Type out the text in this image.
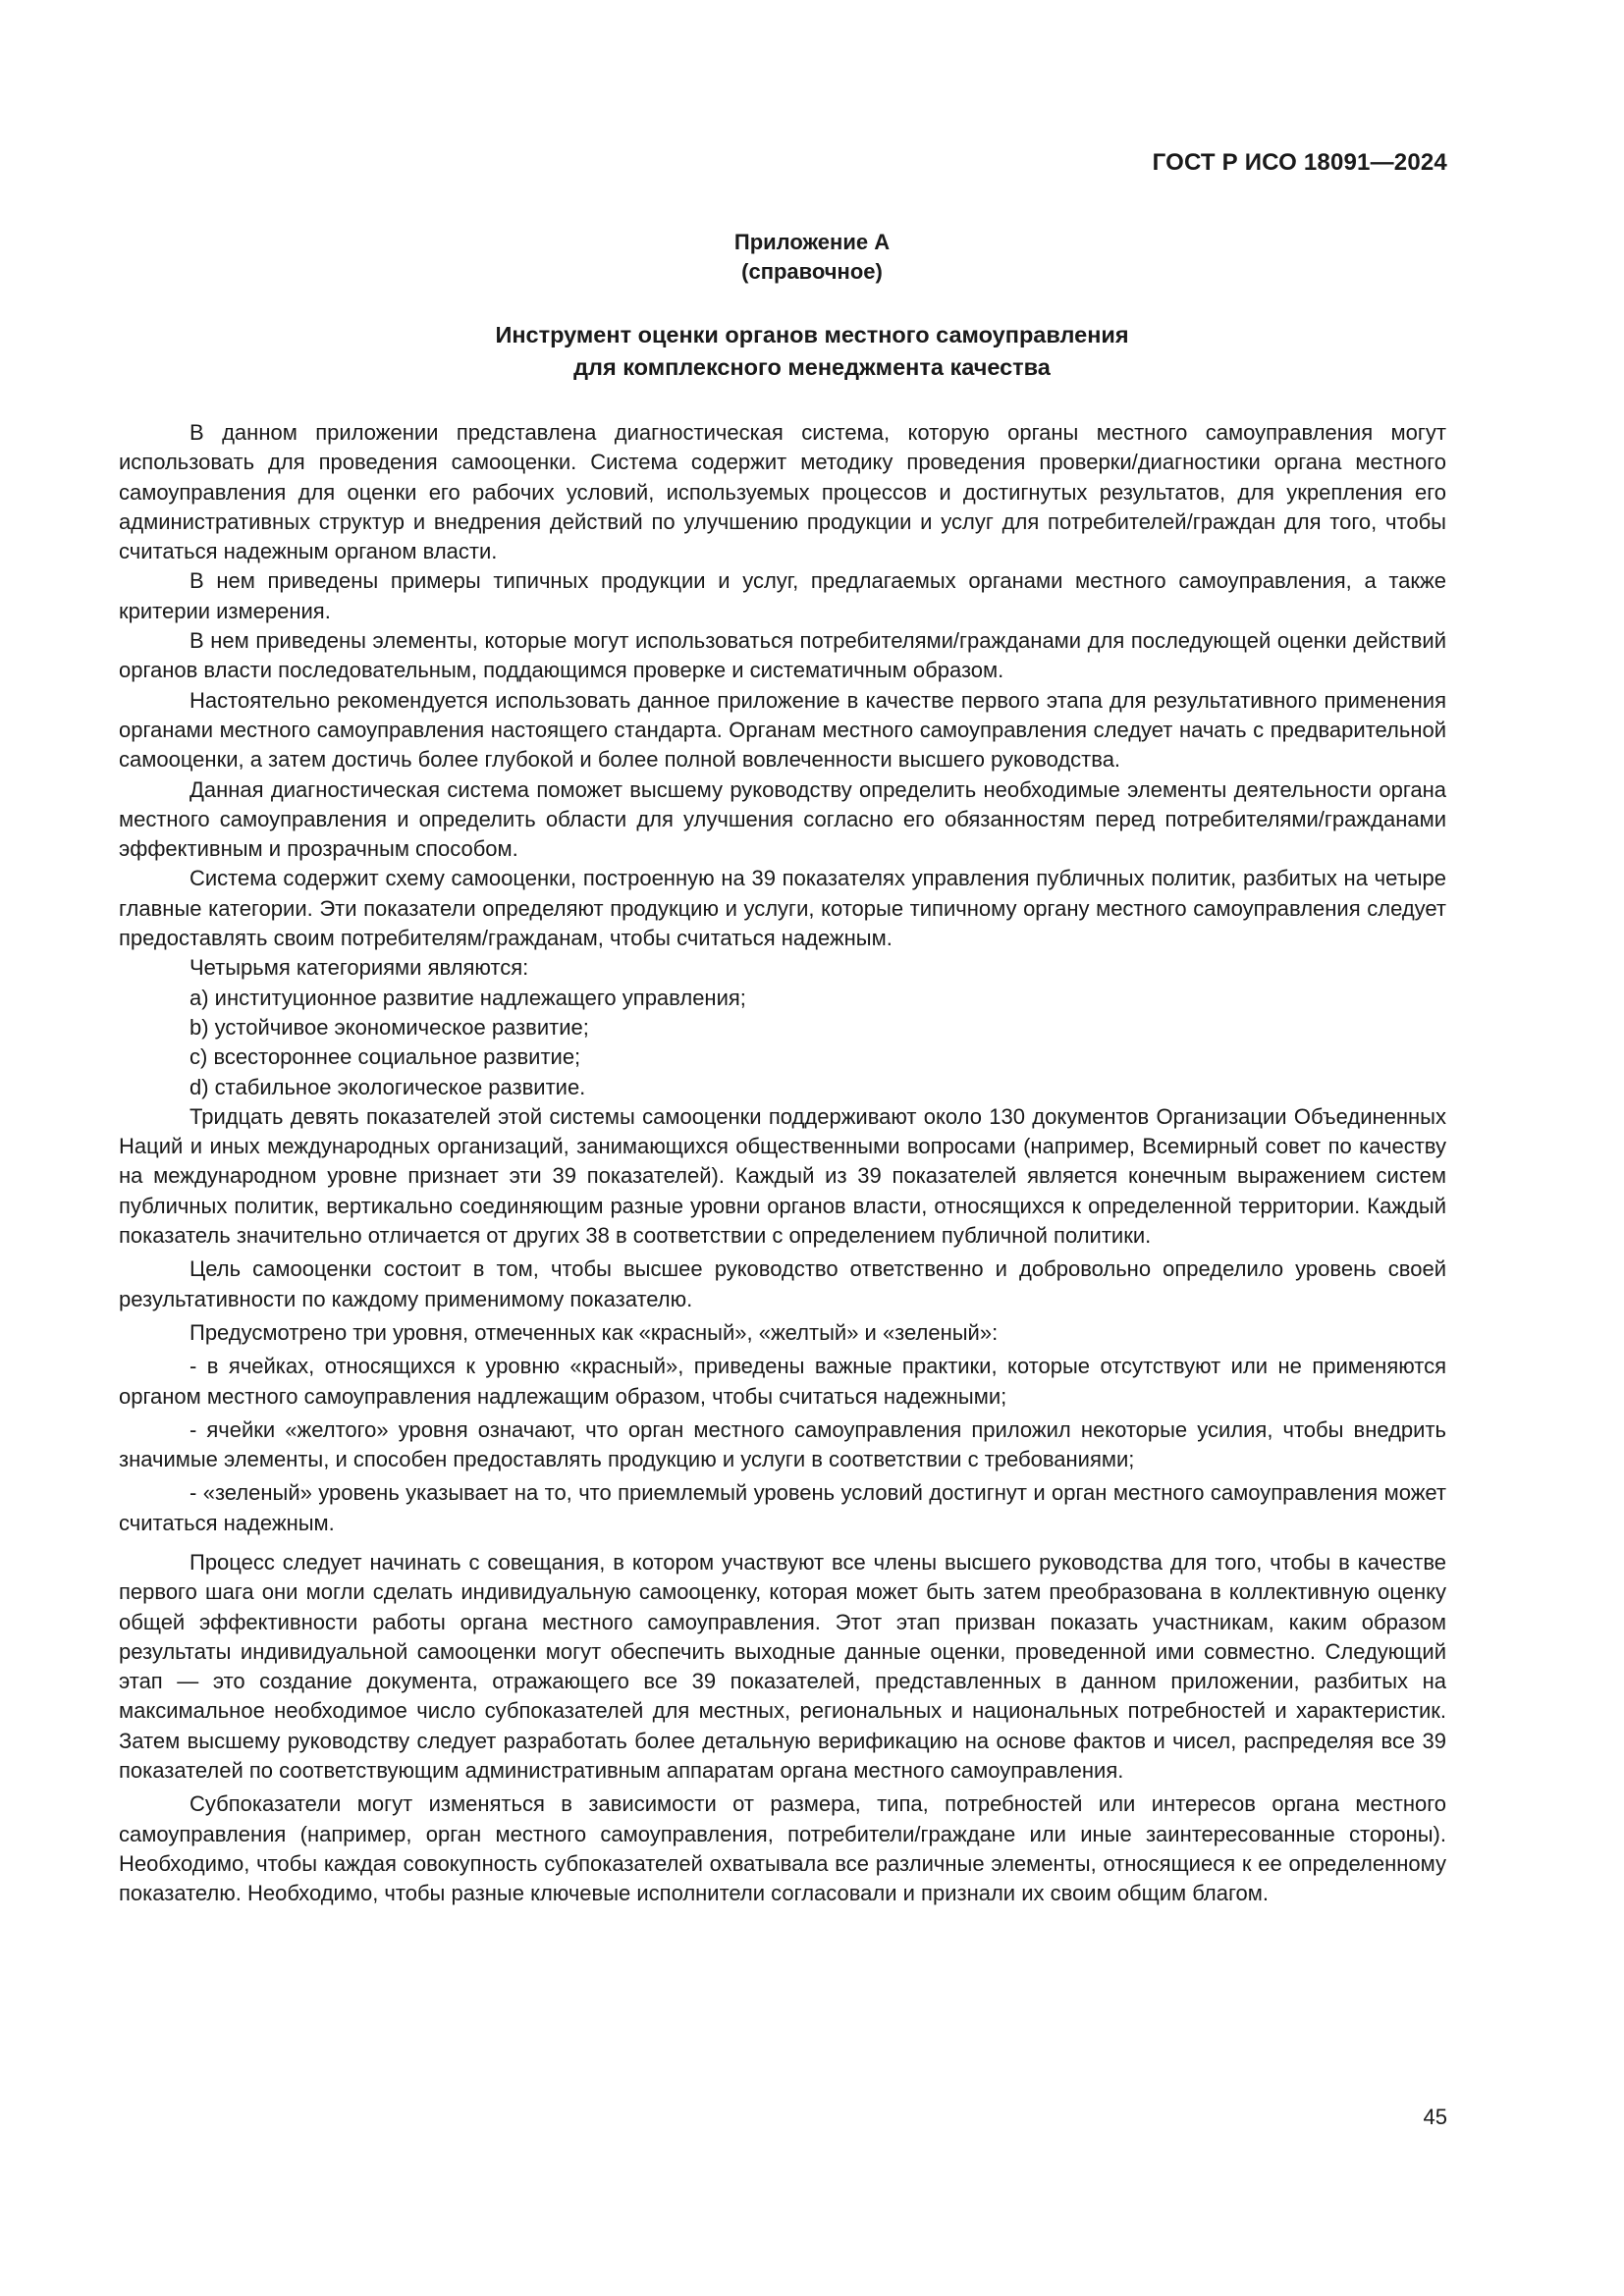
ГОСТ Р ИСО 18091—2024
Приложение А
(справочное)
Инструмент оценки органов местного самоуправления
для комплексного менеджмента качества

В данном приложении представлена диагностическая система, которую органы местного самоуправления могут использовать для проведения самооценки. Система содержит методику проведения проверки/диагностики органа местного самоуправления для оценки его рабочих условий, используемых процессов и достигнутых результатов, для укрепления его административных структур и внедрения действий по улучшению продукции и услуг для потребителей/граждан для того, чтобы считаться надежным органом власти.

В нем приведены примеры типичных продукции и услуг, предлагаемых органами местного самоуправления, а также критерии измерения.

В нем приведены элементы, которые могут использоваться потребителями/гражданами для последующей оценки действий органов власти последовательным, поддающимся проверке и систематичным образом.

Настоятельно рекомендуется использовать данное приложение в качестве первого этапа для результативного применения органами местного самоуправления настоящего стандарта. Органам местного самоуправления следует начать с предварительной самооценки, а затем достичь более глубокой и более полной вовлеченности высшего руководства.

Данная диагностическая система поможет высшему руководству определить необходимые элементы деятельности органа местного самоуправления и определить области для улучшения согласно его обязанностям перед потребителями/гражданами эффективным и прозрачным способом.

Система содержит схему самооценки, построенную на 39 показателях управления публичных политик, разбитых на четыре главные категории. Эти показатели определяют продукцию и услуги, которые типичному органу местного самоуправления следует предоставлять своим потребителям/гражданам, чтобы считаться надежным.

Четырьмя категориями являются:

a) институционное развитие надлежащего управления;
b) устойчивое экономическое развитие;
c) всестороннее социальное развитие;
d) стабильное экологическое развитие.

Тридцать девять показателей этой системы самооценки поддерживают около 130 документов Организации Объединенных Наций и иных международных организаций, занимающихся общественными вопросами (например, Всемирный совет по качеству на международном уровне признает эти 39 показателей). Каждый из 39 показателей является конечным выражением систем публичных политик, вертикально соединяющим разные уровни органов власти, относящихся к определенной территории. Каждый показатель значительно отличается от других 38 в соответствии с определением публичной политики.

Цель самооценки состоит в том, чтобы высшее руководство ответственно и добровольно определило уровень своей результативности по каждому применимому показателю.

Предусмотрено три уровня, отмеченных как «красный», «желтый» и «зеленый»:

- в ячейках, относящихся к уровню «красный», приведены важные практики, которые отсутствуют или не применяются органом местного самоуправления надлежащим образом, чтобы считаться надежными;

- ячейки «желтого» уровня означают, что орган местного самоуправления приложил некоторые усилия, чтобы внедрить значимые элементы, и способен предоставлять продукцию и услуги в соответствии с требованиями;

- «зеленый» уровень указывает на то, что приемлемый уровень условий достигнут и орган местного самоуправления может считаться надежным.

Процесс следует начинать с совещания, в котором участвуют все члены высшего руководства для того, чтобы в качестве первого шага они могли сделать индивидуальную самооценку, которая может быть затем преобразована в коллективную оценку общей эффективности работы органа местного самоуправления. Этот этап призван показать участникам, каким образом результаты индивидуальной самооценки могут обеспечить выходные данные оценки, проведенной ими совместно. Следующий этап — это создание документа, отражающего все 39 показателей, представленных в данном приложении, разбитых на максимальное необходимое число субпоказателей для местных, региональных и национальных потребностей и характеристик. Затем высшему руководству следует разработать более детальную верификацию на основе фактов и чисел, распределяя все 39 показателей по соответствующим административным аппаратам органа местного самоуправления.

Субпоказатели могут изменяться в зависимости от размера, типа, потребностей или интересов органа местного самоуправления (например, орган местного самоуправления, потребители/граждане или иные заинтересованные стороны). Необходимо, чтобы каждая совокупность субпоказателей охватывала все различные элементы, относящиеся к ее определенному показателю. Необходимо, чтобы разные ключевые исполнители согласовали и признали их своим общим благом.

45
